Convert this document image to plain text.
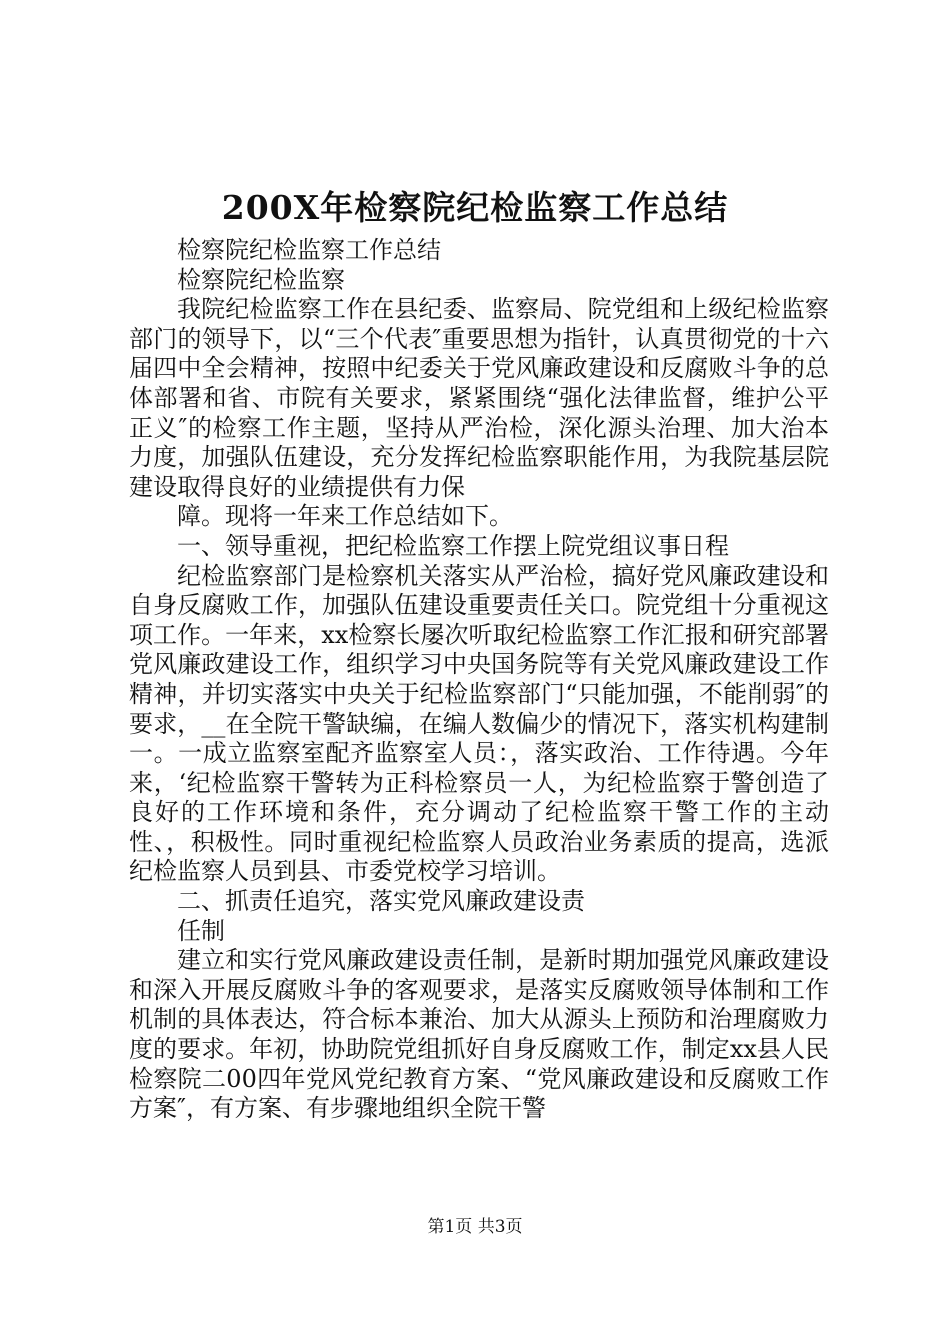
200X年检察院纪检监察工作总结

检察院纪检监察工作总结

检察院纪检监察

我院纪检监察工作在县纪委、监察局、院党组和上级纪检监察部门的领导下，以“三个代表″重要思想为指针，认真贯彻党的十六届四中全会精神，按照中纪委关于党风廉政建设和反腐败斗争的总体部署和省、市院有关要求，紧紧围绕“强化法律监督，维护公平正义″的检察工作主题，坚持从严治检，深化源头治理、加大治本力度，加强队伍建设，充分发挥纪检监察职能作用，为我院基层院建设取得良好的业绩提供有力保

障。现将一年来工作总结如下。

一、领导重视，把纪检监察工作摆上院党组议事日程

纪检监察部门是检察机关落实从严治检，搞好党风廉政建设和自身反腐败工作，加强队伍建设重要责任关口。院党组十分重视这项工作。一年来，xx检察长屡次听取纪检监察工作汇报和研究部署党风廉政建设工作，组织学习中央国务院等有关党风廉政建设工作精神，并切实落实中央关于纪检监察部门“只能加强，不能削弱″的要求，__在全院干警缺编，在编人数偏少的情况下，落实机构建制一。一成立监察室配齐监察室人员：，落实政治、工作待遇。今年来，‘纪检监察干警转为正科检察员一人，为纪检监察于警创造了良好的工作环境和条件，充分调动了纪检监察干警工作的主动性、，积极性。同时重视纪检监察人员政治业务素质的提高，选派纪检监察人员到县、市委党校学习培训。

二、抓责任追究，落实党风廉政建设责

任制

建立和实行党风廉政建设责任制，是新时期加强党风廉政建设和深入开展反腐败斗争的客观要求，是落实反腐败领导体制和工作机制的具体表达，符合标本兼治、加大从源头上预防和治理腐败力度的要求。年初，协助院党组抓好自身反腐败工作，制定xx县人民检察院二00四年党风党纪教育方案、“党风廉政建设和反腐败工作方案″，有方案、有步骤地组织全院干警

第1页 共3页
